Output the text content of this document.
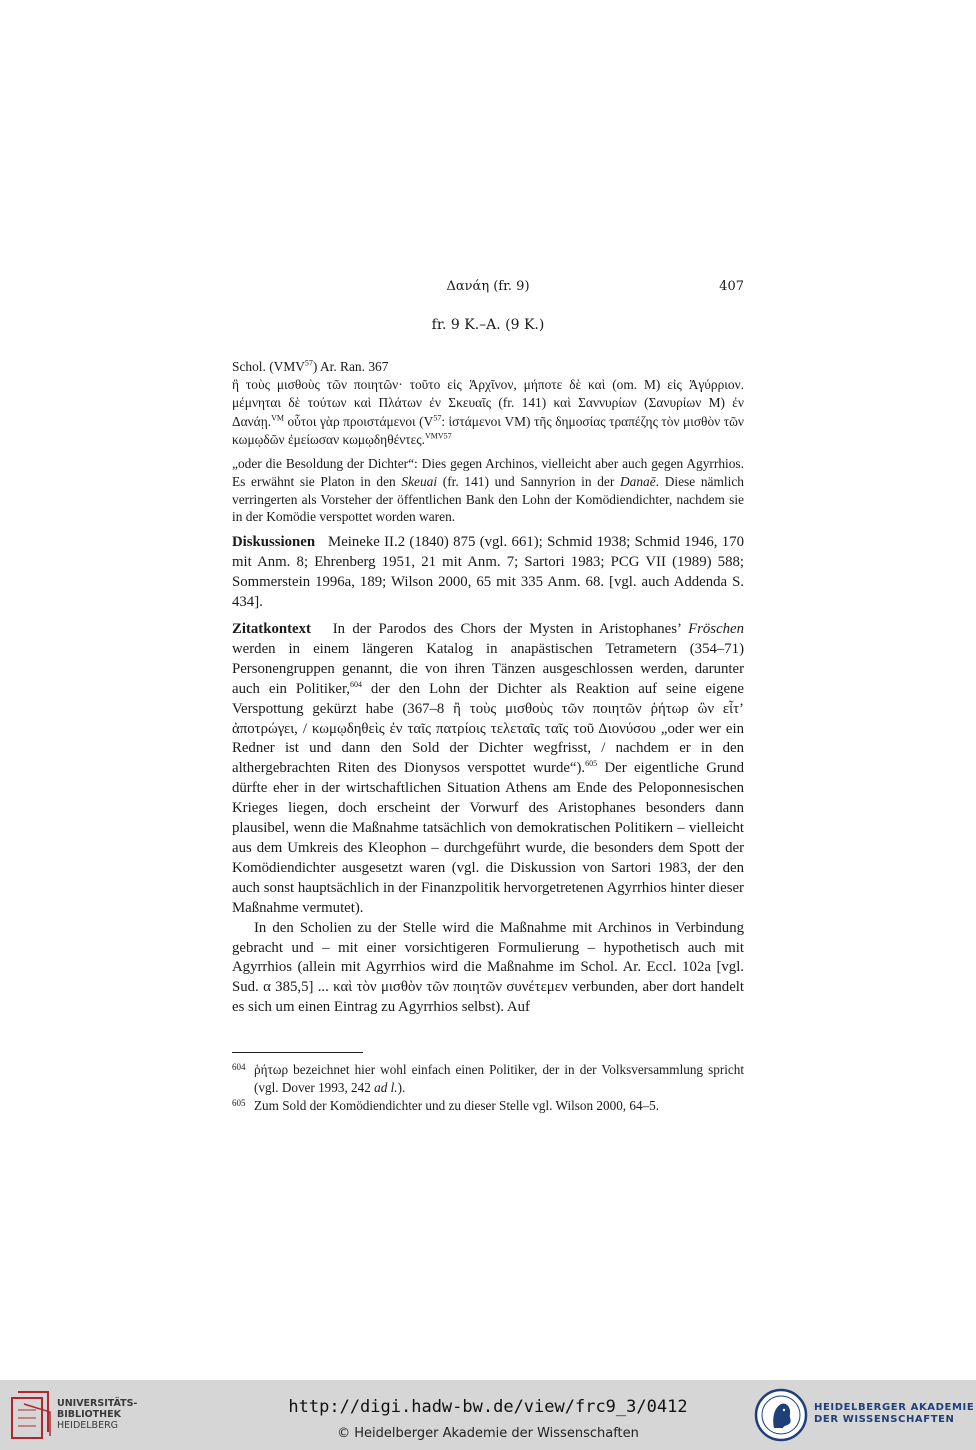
Δανάη (fr. 9)	407
fr. 9 K.–A. (9 K.)
Schol. (VMV$^{57}$) Ar. Ran. 367
ἢ τοὺς μισθοὺς τῶν ποιητῶν· τοῦτο εἰς Ἀρχῖνον, μήποτε δὲ καὶ (om. M) εἰς Ἀγύρριον. μέμνηται δὲ τούτων καὶ Πλάτων ἐν Σκευαῖς (fr. 141) καὶ Σαννυρίων (Σανυρίων M) ἐν Δανάῃ.$^{VM}$ οὗτοι γὰρ προιστάμενοι ($V^{57}$: ἱστάμενοι VM) τῆς δημοσίας τραπέζης τὸν μισθὸν τῶν κωμῳδῶν ἐμείωσαν κωμῳδηθέντες.$^{VMV57}$
„oder die Besoldung der Dichter“: Dies gegen Archinos, vielleicht aber auch gegen Agyrrhios. Es erwähnt sie Platon in den Skeuai (fr. 141) und Sannyrion in der Danaē. Diese nämlich verringerten als Vorsteher der öffentlichen Bank den Lohn der Komödiendichter, nachdem sie in der Komödie verspottet worden waren.
Diskussionen Meineke II.2 (1840) 875 (vgl. 661); Schmid 1938; Schmid 1946, 170 mit Anm. 8; Ehrenberg 1951, 21 mit Anm. 7; Sartori 1983; PCG VII (1989) 588; Sommerstein 1996a, 189; Wilson 2000, 65 mit 335 Anm. 68. [vgl. auch Addenda S. 434].

Zitatkontext In der Parodos des Chors der Mysten in Aristophanes’ Fröschen werden in einem längeren Katalog in anapästischen Tetrametern (354–71) Personengruppen genannt, die von ihren Tänzen ausgeschlossen werden, darunter auch ein Politiker,$^{604}$ der den Lohn der Dichter als Reaktion auf seine eigene Verspottung gekürzt habe (367–8 ἢ τοὺς μισθοὺς τῶν ποιητῶν ῥήτωρ ὢν εἶτ’ ἀποτρώγει, / κωμῳδηθεὶς ἐν ταῖς πατρίοις τελεταῖς ταῖς τοῦ Διονύσου „oder wer ein Redner ist und dann den Sold der Dichter wegfrisst, / nachdem er in den althergebrachten Riten des Dionysos verspottet wurde“).$^{605}$ Der eigentliche Grund dürfte eher in der wirtschaftlichen Situation Athens am Ende des Peloponnesischen Krieges liegen, doch erscheint der Vorwurf des Aristophanes besonders dann plausibel, wenn die Maßnahme tatsächlich von demokratischen Politikern – vielleicht aus dem Umkreis des Kleophon – durchgeführt wurde, die besonders dem Spott der Komödiendichter ausgesetzt waren (vgl. die Diskussion von Sartori 1983, der den auch sonst hauptsächlich in der Finanzpolitik hervorgetretenen Agyrrhios hinter dieser Maßnahme vermutet).

In den Scholien zu der Stelle wird die Maßnahme mit Archinos in Verbindung gebracht und – mit einer vorsichtigeren Formulierung – hypothetisch auch mit Agyrrhios (allein mit Agyrrhios wird die Maßnahme im Schol. Ar. Eccl. 102a [vgl. Sud. α 385,5] ... καὶ τὸν μισθὸν τῶν ποιητῶν συνέτεμεν verbunden, aber dort handelt es sich um einen Eintrag zu Agyrrhios selbst). Auf

604 ῥήτωρ bezeichnet hier wohl einfach einen Politiker, der in der Volksversammlung spricht (vgl. Dover 1993, 242 ad l.).
605 Zum Sold der Komödiendichter und zu dieser Stelle vgl. Wilson 2000, 64–5.
UNIVERSITÄTS-
BIBLIOTHEK
HEIDELBERG
http://digi.hadw-bw.de/view/frc9_3/0412
© Heidelberger Akademie der Wissenschaften
HEIDELBERGER AKADEMIE
DER WISSENSCHAFTEN
